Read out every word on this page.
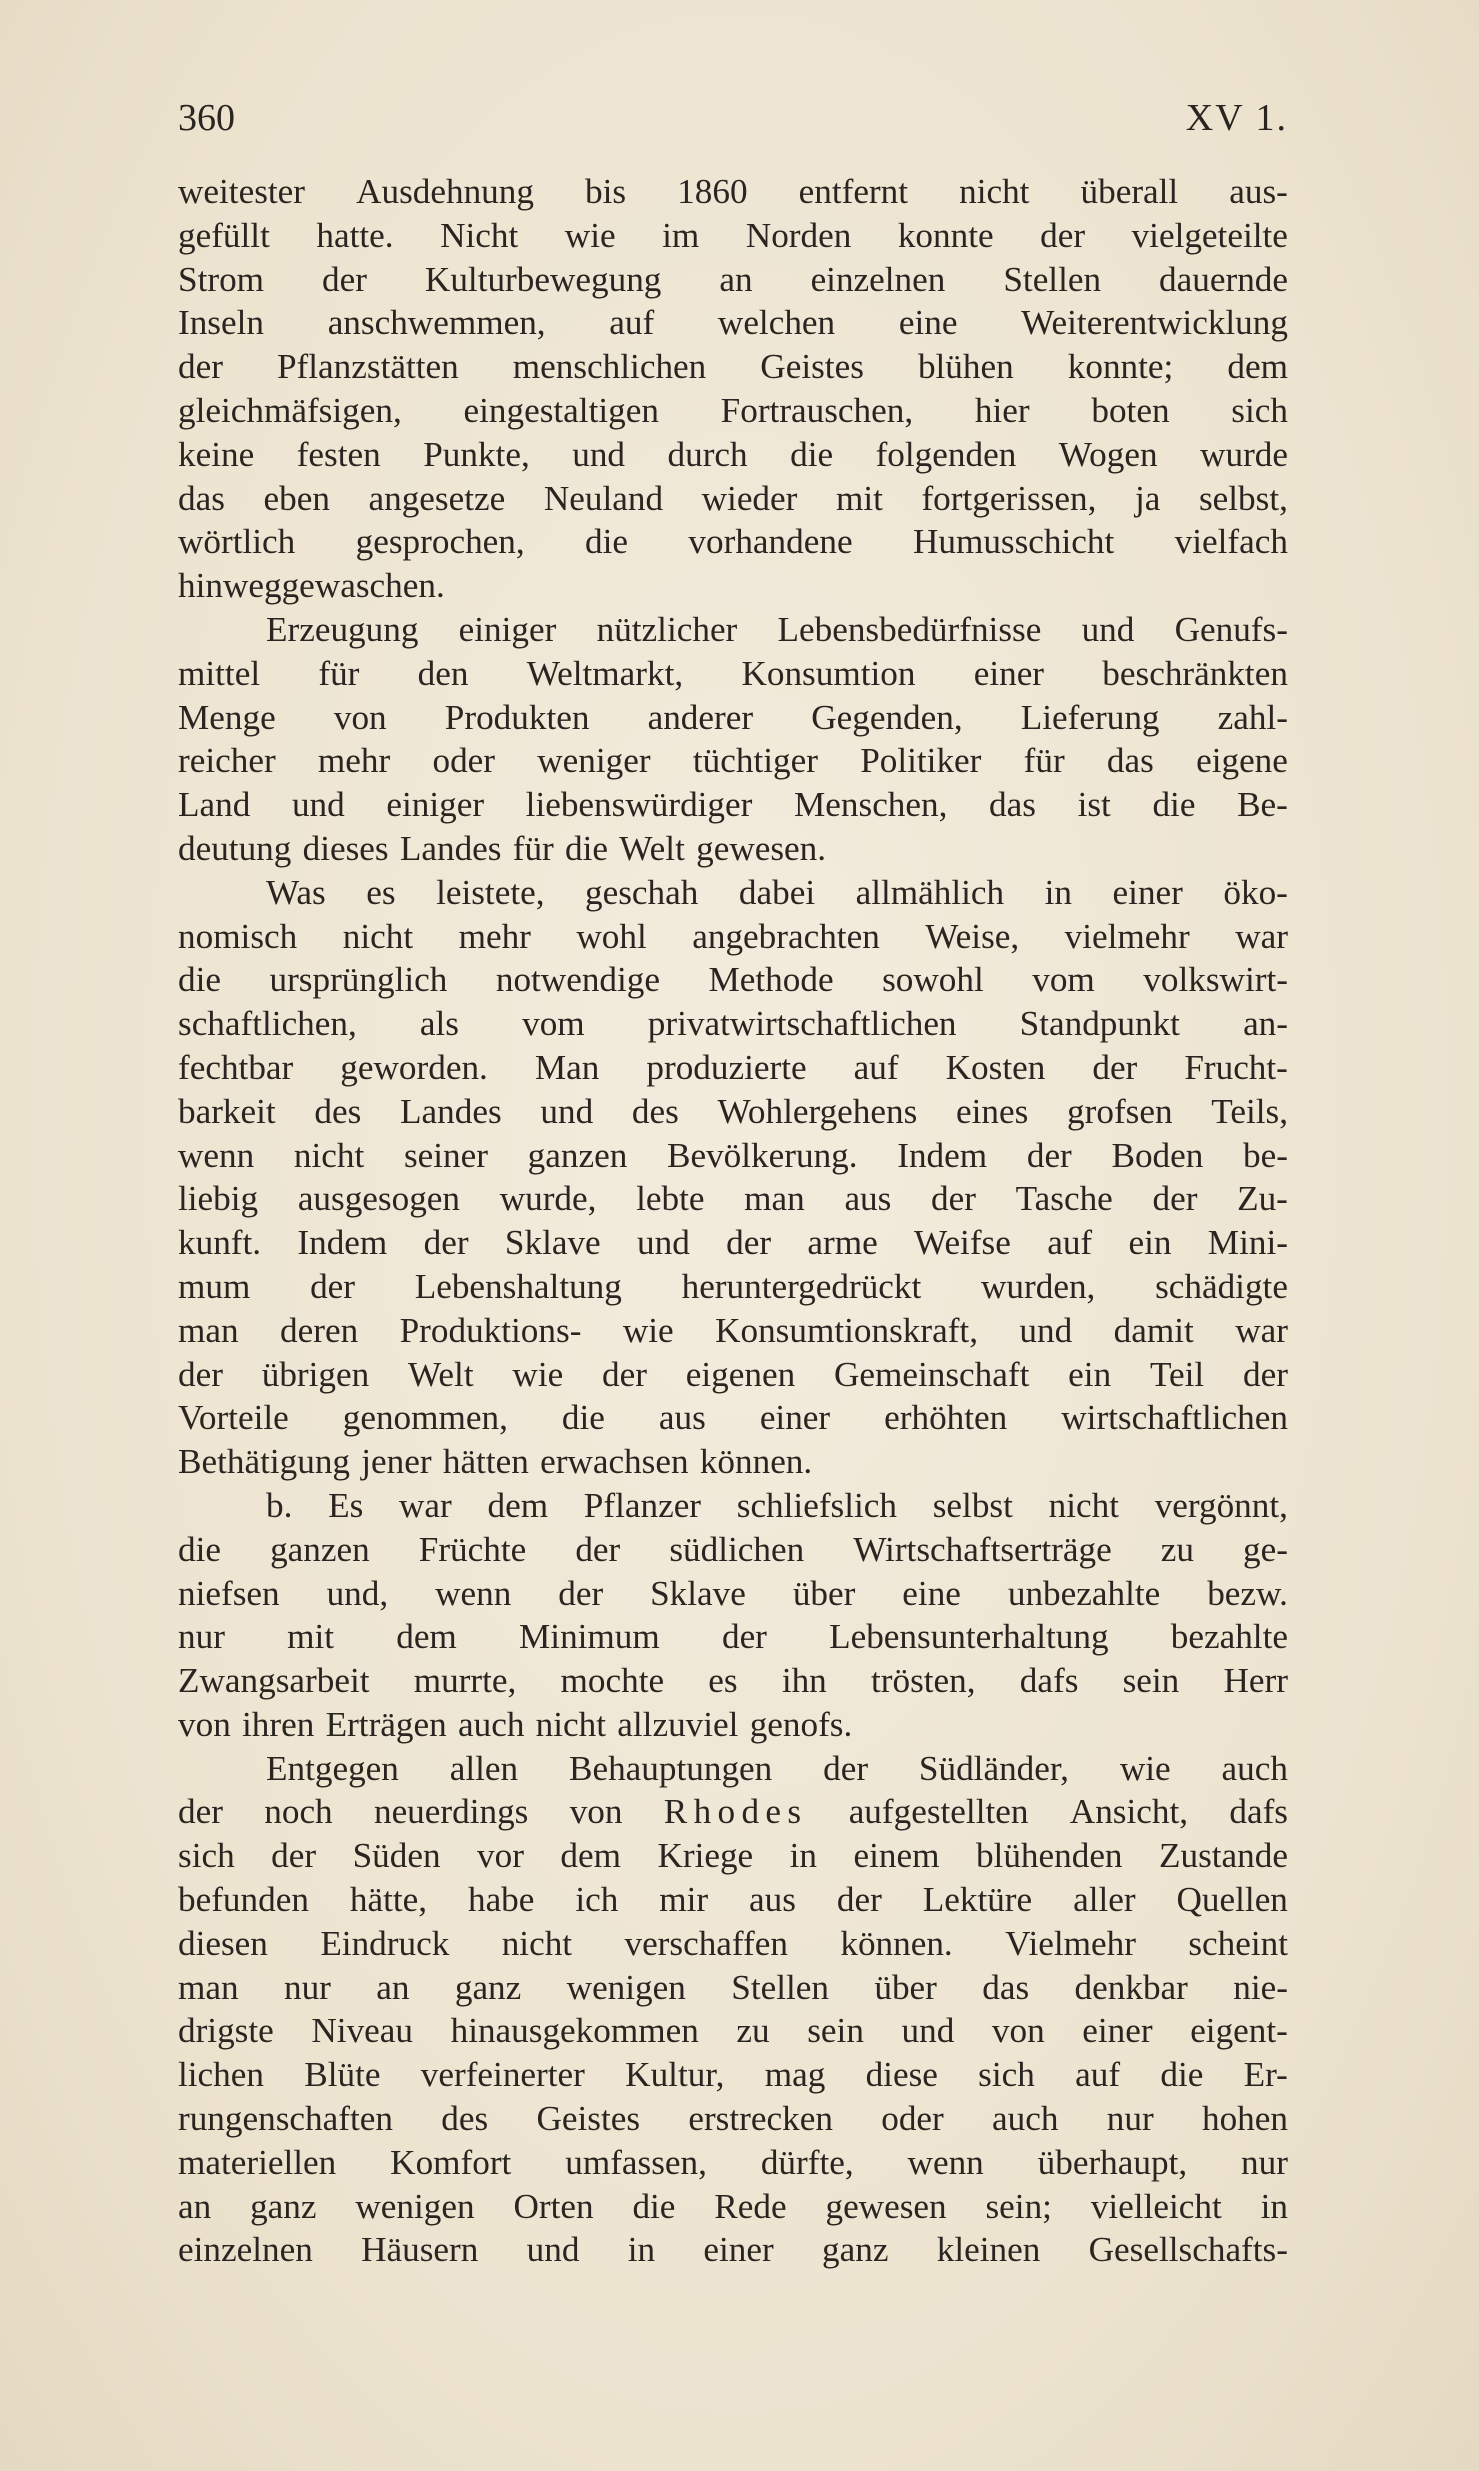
360	XV 1.
weitester Ausdehnung bis 1860 entfernt nicht überall aus-
gefüllt hatte. Nicht wie im Norden konnte der vielgeteilte
Strom der Kulturbewegung an einzelnen Stellen dauernde
Inseln anschwemmen, auf welchen eine Weiterentwicklung
der Pflanzstätten menschlichen Geistes blühen konnte; dem
gleichmäfsigen, eingestaltigen Fortrauschen, hier boten sich
keine festen Punkte, und durch die folgenden Wogen wurde
das eben angesetze Neuland wieder mit fortgerissen, ja selbst,
wörtlich gesprochen, die vorhandene Humusschicht vielfach
hinweggewaschen.
Erzeugung einiger nützlicher Lebensbedürfnisse und Genufs-
mittel für den Weltmarkt, Konsumtion einer beschränkten
Menge von Produkten anderer Gegenden, Lieferung zahl-
reicher mehr oder weniger tüchtiger Politiker für das eigene
Land und einiger liebenswürdiger Menschen, das ist die Be-
deutung dieses Landes für die Welt gewesen.
Was es leistete, geschah dabei allmählich in einer öko-
nomisch nicht mehr wohl angebrachten Weise, vielmehr war
die ursprünglich notwendige Methode sowohl vom volkswirt-
schaftlichen, als vom privatwirtschaftlichen Standpunkt an-
fechtbar geworden. Man produzierte auf Kosten der Frucht-
barkeit des Landes und des Wohlergehens eines grofsen Teils,
wenn nicht seiner ganzen Bevölkerung. Indem der Boden be-
liebig ausgesogen wurde, lebte man aus der Tasche der Zu-
kunft. Indem der Sklave und der arme Weifse auf ein Mini-
mum der Lebenshaltung heruntergedrückt wurden, schädigte
man deren Produktions- wie Konsumtionskraft, und damit war
der übrigen Welt wie der eigenen Gemeinschaft ein Teil der
Vorteile genommen, die aus einer erhöhten wirtschaftlichen
Bethätigung jener hätten erwachsen können.
b. Es war dem Pflanzer schliefslich selbst nicht vergönnt,
die ganzen Früchte der südlichen Wirtschaftserträge zu ge-
niefsen und, wenn der Sklave über eine unbezahlte bezw.
nur mit dem Minimum der Lebensunterhaltung bezahlte
Zwangsarbeit murrte, mochte es ihn trösten, dafs sein Herr
von ihren Erträgen auch nicht allzuviel genofs.
Entgegen allen Behauptungen der Südländer, wie auch
der noch neuerdings von Rhodes aufgestellten Ansicht, dafs
sich der Süden vor dem Kriege in einem blühenden Zustande
befunden hätte, habe ich mir aus der Lektüre aller Quellen
diesen Eindruck nicht verschaffen können. Vielmehr scheint
man nur an ganz wenigen Stellen über das denkbar nie-
drigste Niveau hinausgekommen zu sein und von einer eigent-
lichen Blüte verfeinerter Kultur, mag diese sich auf die Er-
rungenschaften des Geistes erstrecken oder auch nur hohen
materiellen Komfort umfassen, dürfte, wenn überhaupt, nur
an ganz wenigen Orten die Rede gewesen sein; vielleicht in
einzelnen Häusern und in einer ganz kleinen Gesellschafts-
